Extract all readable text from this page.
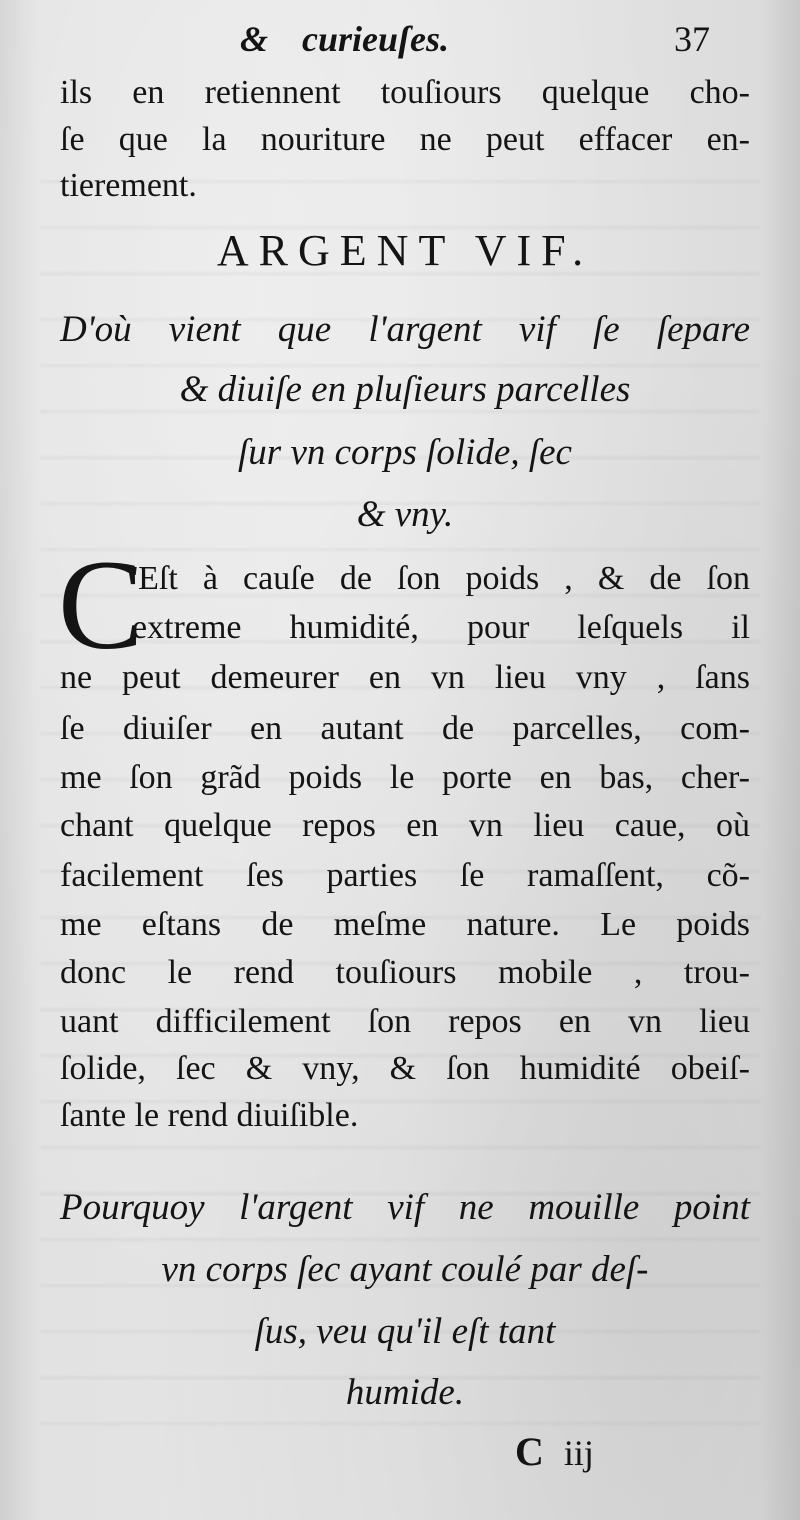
& curieuſes.	37
ils en retiennent touſiours quelque cho-
ſe que la nouriture ne peut effacer en-
tierement.
ARGENT VIF.
D'où vient que l'argent vif ſe ſepare
& diuiſe en pluſieurs parcelles
ſur vn corps ſolide, ſec
& vny.
C
'Eſt à cauſe de ſon poids , & de ſon
extreme humidité, pour leſquels il
ne peut demeurer en vn lieu vny , ſans
ſe diuiſer en autant de parcelles, com-
me ſon grãd poids le porte en bas, cher-
chant quelque repos en vn lieu caue, où
facilement ſes parties ſe ramaſſent, cõ-
me eſtans de meſme nature. Le poids
donc le rend touſiours mobile , trou-
uant difficilement ſon repos en vn lieu
ſolide, ſec & vny, & ſon humidité obeiſ-
ſante le rend diuiſible.
Pourquoy l'argent vif ne mouille point
vn corps ſec ayant coulé par deſ-
ſus, veu qu'il eſt tant
humide.
C iij
